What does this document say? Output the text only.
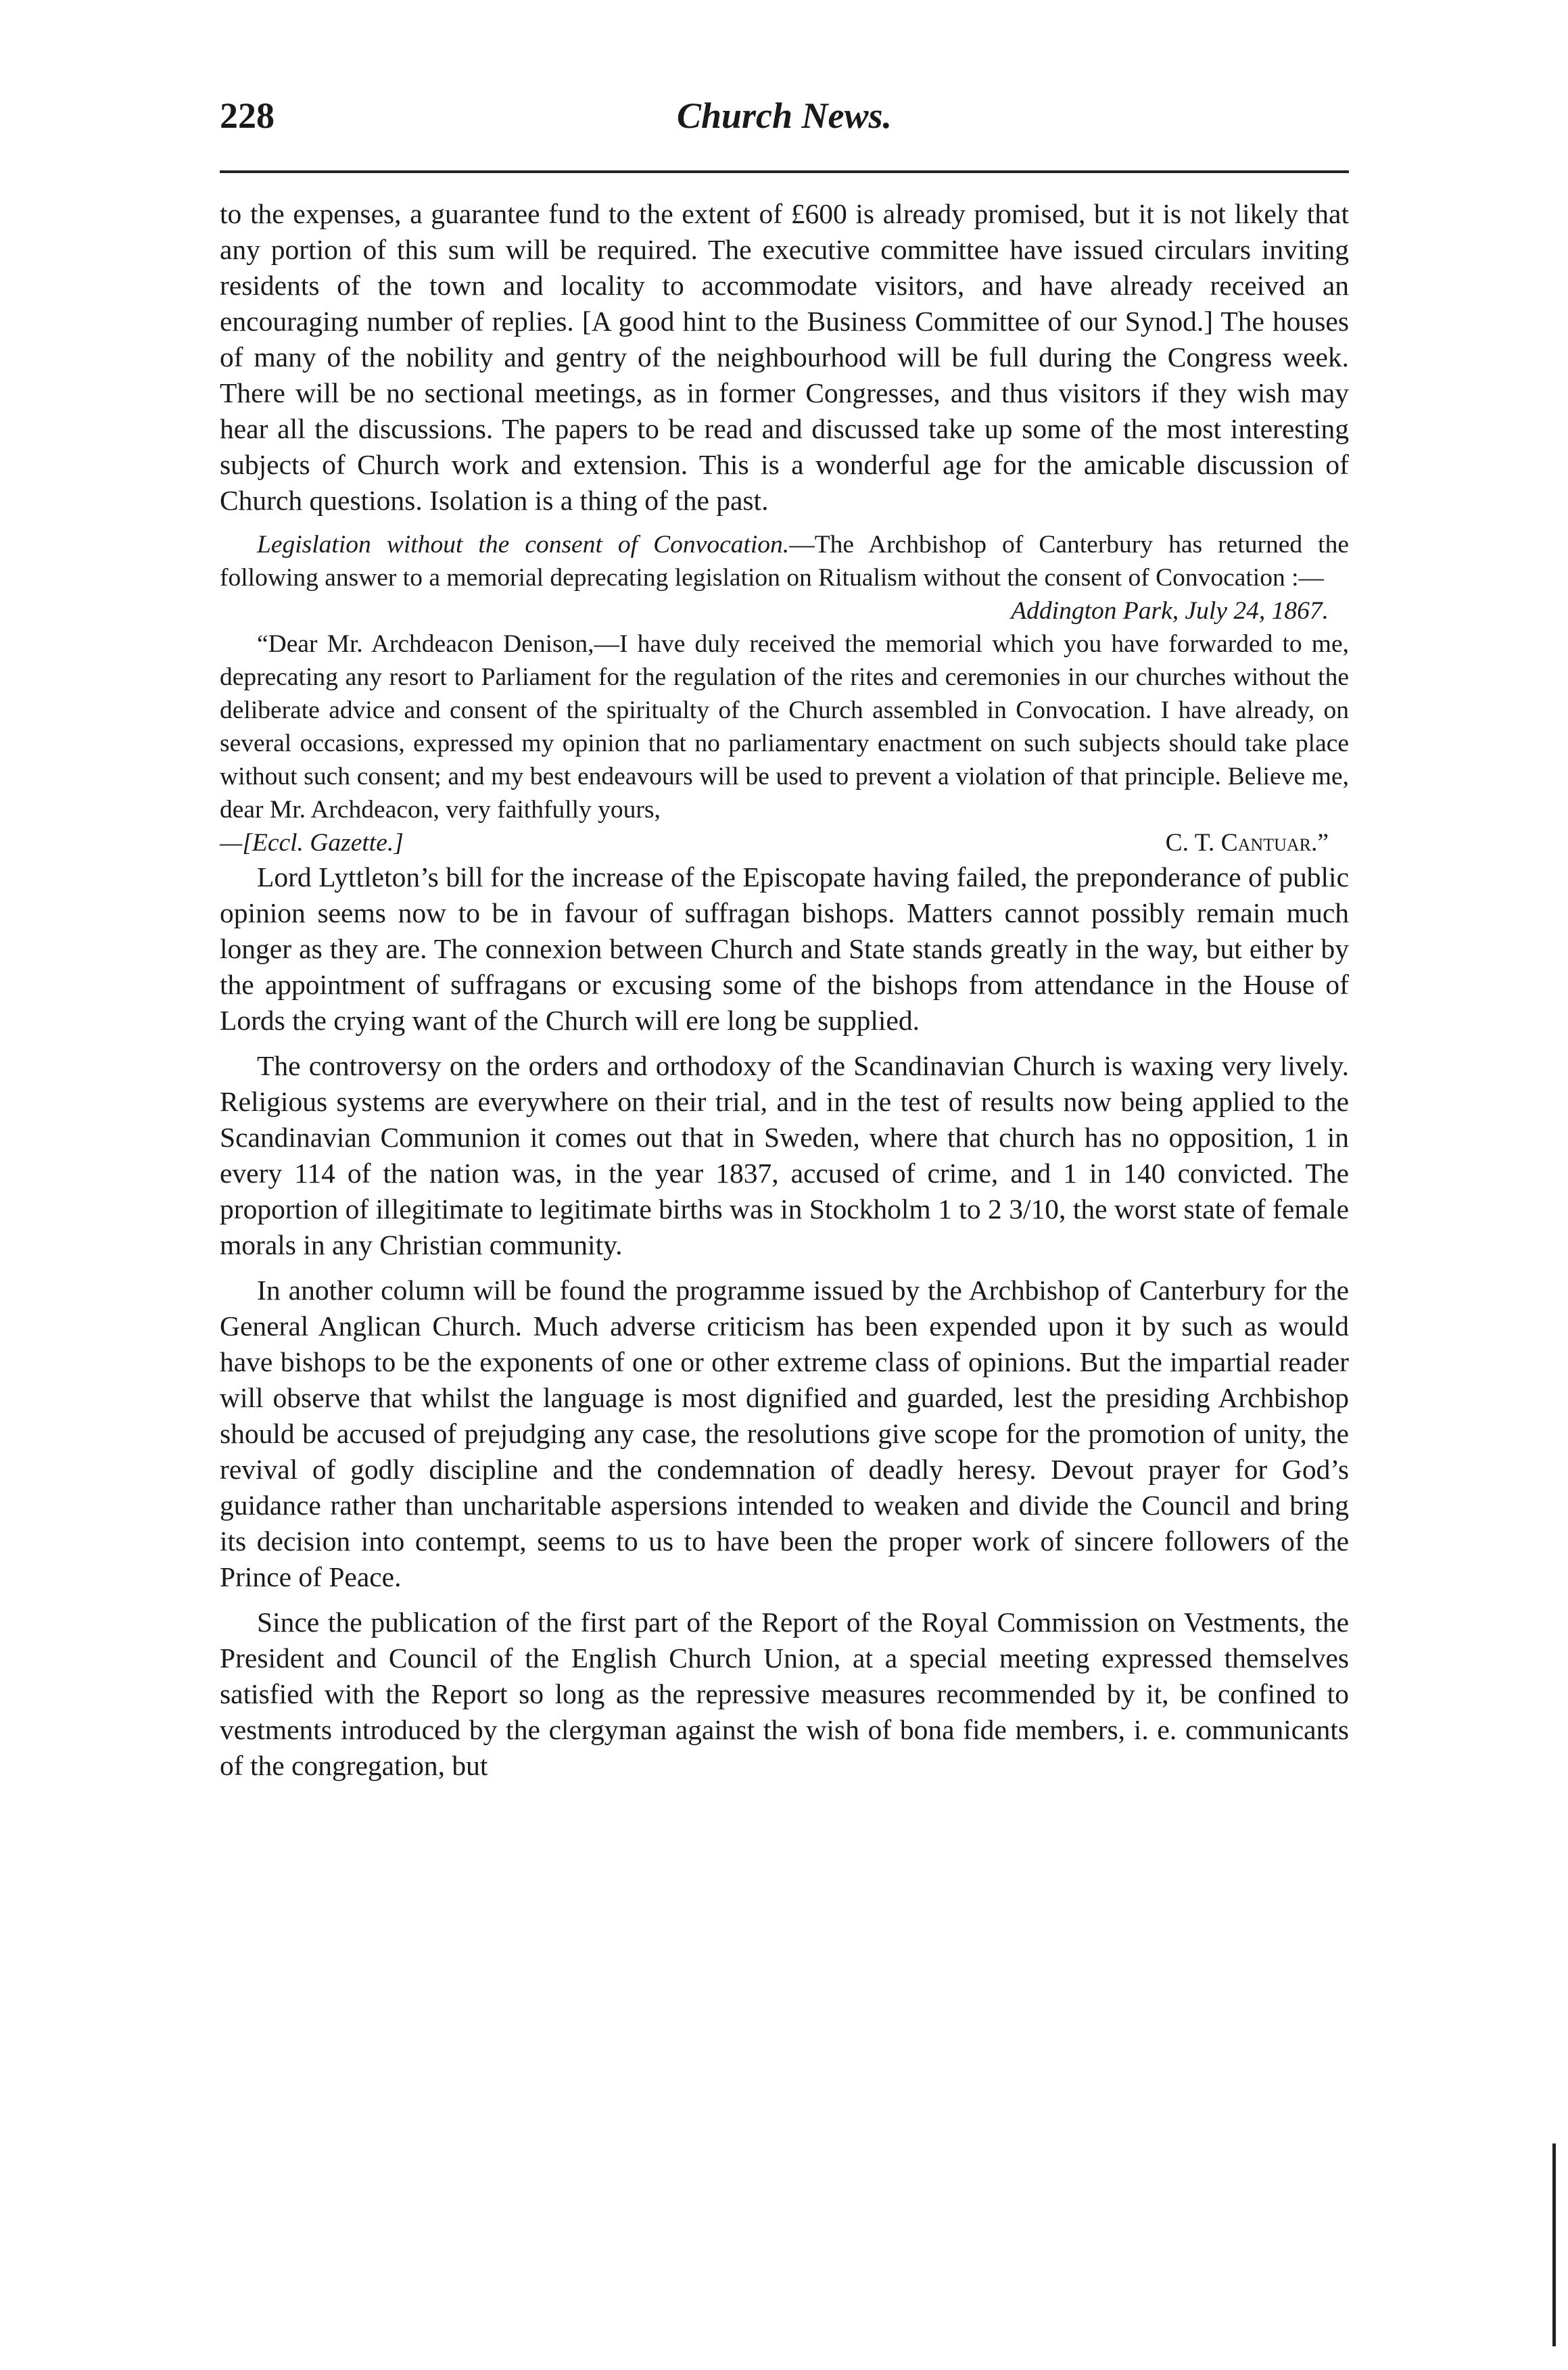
228	Church News.

to the expenses, a guarantee fund to the extent of £600 is already promised, but it is not likely that any portion of this sum will be required. The executive committee have issued circulars inviting residents of the town and locality to accommodate visitors, and have already received an encouraging number of replies. [A good hint to the Business Committee of our Synod.] The houses of many of the nobility and gentry of the neighbourhood will be full during the Congress week. There will be no sectional meetings, as in former Congresses, and thus visitors if they wish may hear all the discussions. The papers to be read and discussed take up some of the most interesting subjects of Church work and extension. This is a wonderful age for the amicable discussion of Church questions. Isolation is a thing of the past.

Legislation without the consent of Convocation.—The Archbishop of Canterbury has returned the following answer to a memorial deprecating legislation on Ritualism without the consent of Convocation :—

Addington Park, July 24, 1867.

“Dear Mr. Archdeacon Denison,—I have duly received the memorial which you have forwarded to me, deprecating any resort to Parliament for the regulation of the rites and ceremonies in our churches without the deliberate advice and consent of the spiritualty of the Church assembled in Convocation. I have already, on several occasions, expressed my opinion that no parliamentary enactment on such subjects should take place without such consent; and my best endeavours will be used to prevent a violation of that principle. Believe me, dear Mr. Archdeacon, very faithfully yours,

—[Eccl. Gazette.]	C. T. Cantuar.”

Lord Lyttleton’s bill for the increase of the Episcopate having failed, the preponderance of public opinion seems now to be in favour of suffragan bishops. Matters cannot possibly remain much longer as they are. The connexion between Church and State stands greatly in the way, but either by the appointment of suffragans or excusing some of the bishops from attendance in the House of Lords the crying want of the Church will ere long be supplied.

The controversy on the orders and orthodoxy of the Scandinavian Church is waxing very lively. Religious systems are everywhere on their trial, and in the test of results now being applied to the Scandinavian Communion it comes out that in Sweden, where that church has no opposition, 1 in every 114 of the nation was, in the year 1837, accused of crime, and 1 in 140 convicted. The proportion of illegitimate to legitimate births was in Stockholm 1 to 2 3/10, the worst state of female morals in any Christian community.

In another column will be found the programme issued by the Archbishop of Canterbury for the General Anglican Church. Much adverse criticism has been expended upon it by such as would have bishops to be the exponents of one or other extreme class of opinions. But the impartial reader will observe that whilst the language is most dignified and guarded, lest the presiding Archbishop should be accused of prejudging any case, the resolutions give scope for the promotion of unity, the revival of godly discipline and the condemnation of deadly heresy. Devout prayer for God’s guidance rather than uncharitable aspersions intended to weaken and divide the Council and bring its decision into contempt, seems to us to have been the proper work of sincere followers of the Prince of Peace.

Since the publication of the first part of the Report of the Royal Commission on Vestments, the President and Council of the English Church Union, at a special meeting expressed themselves satisfied with the Report so long as the repressive measures recommended by it, be confined to vestments introduced by the clergyman against the wish of bona fide members, i. e. communicants of the congregation, but
